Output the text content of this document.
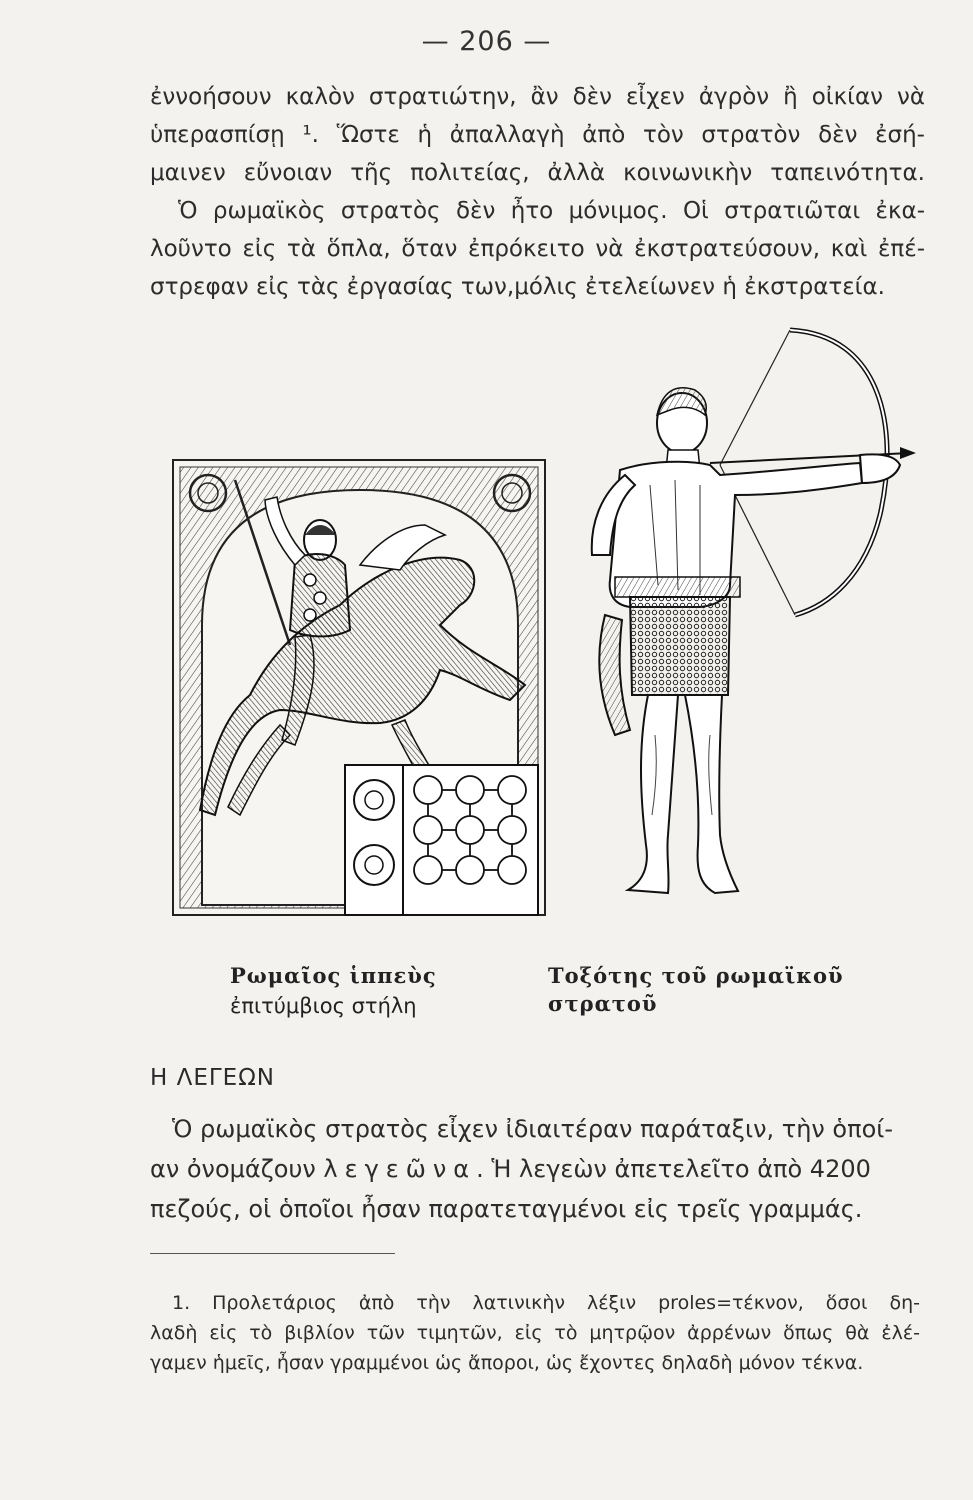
— 206 —
ἐννοήσουν καλὸν στρατιώτην, ἂν δὲν εἶχεν ἀγρὸν ἢ οἰκίαν νὰ
ὑπερασπίσῃ ¹. Ὥστε ἡ ἀπαλλαγὴ ἀπὸ τὸν στρατὸν δὲν ἐσή-
μαινεν εὔνοιαν τῆς πολιτείας, ἀλλὰ κοινωνικὴν ταπεινότητα.
Ὁ ρωμαϊκὸς στρατὸς δὲν ἦτο μόνιμος. Οἱ στρατιῶται ἐκα-
λοῦντο εἰς τὰ ὅπλα, ὅταν ἐπρόκειτο νὰ ἐκστρατεύσουν, καὶ ἐπέ-
στρεφαν εἰς τὰς ἐργασίας των,μόλις ἐτελείωνεν ἡ ἐκστρατεία.
Ρωμαῖος ἱππεὺς
ἐπιτύμβιος στήλη
Τοξότης τοῦ ρωμαϊκοῦ στρατοῦ
Η ΛΕΓΕΩΝ
Ὁ ρωμαϊκὸς στρατὸς εἶχεν ἰδιαιτέραν παράταξιν, τὴν ὁποί-
αν ὀνομάζουν λεγεῶνα. Ἡ λεγεὼν ἀπετελεῖτο ἀπὸ 4200
πεζούς, οἱ ὁποῖοι ἦσαν παρατεταγμένοι εἰς τρεῖς γραμμάς.
1. Προλετάριος ἀπὸ τὴν λατινικὴν λέξιν proles=τέκνον, ὅσοι δη-
λαδὴ εἰς τὸ βιβλίον τῶν τιμητῶν, εἰς τὸ μητρῷον ἀρρένων ὅπως θὰ ἐλέ-
γαμεν ἡμεῖς, ἦσαν γραμμένοι ὡς ἄποροι, ὡς ἔχοντες δηλαδὴ μόνον τέκνα.
